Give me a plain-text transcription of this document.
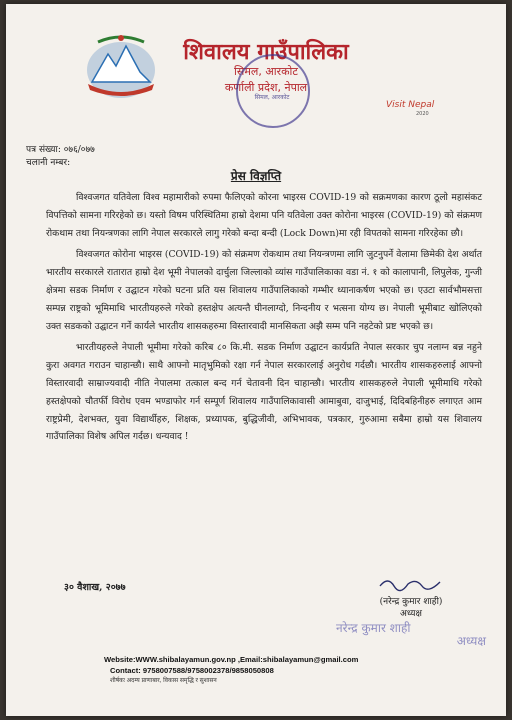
शिवालय गाउँपालिका
सिमल, आरकोट
कर्णाली प्रदेश, नेपाल
सिमल, आरकोट
Visit Nepal
2020
पत्र संख्या: ०७६/०७७
चलानी नम्बर:
प्रेस विज्ञप्ति

विश्वजगत यतिवेला विश्व महामारीको रुपमा फैलिएको कोरना भाइरस COVID-19 को सक्रमणका कारण ठूलो महासंकट विपत्तिको सामना गरिरहेको छ। यस्तो विषम परिस्थितिमा हाम्रो देशमा पनि यतिवेला उक्त कोरोना भाइरस (COVID-19) को संक्रमण रोकथाम तथा नियन्त्रणका लागि नेपाल सरकारले लागु गरेको बन्दा बन्दी (Lock Down)मा रही विपतको सामना गरिरहेका छौ।

विश्वजगत कोरोना भाइरस (COVID-19) को संक्रमण रोकथाम तथा नियन्त्रणमा लागि जुटनुपर्ने वेलामा छिमेकी देश अर्थात भारतीय सरकारले रातारात हाम्रो देश भूमी नेपालको दार्चुला जिल्लाको व्यांस गाउँपालिकाका वडा नं. १ को कालापानी, लिपुलेक, गुन्जी क्षेत्रमा सडक निर्माण र उद्घाटन गरेको घटना प्रति यस शिवालय गाउँपालिकाको गम्भीर ध्यानाकर्षण भएको छ। एउटा सार्वभौमसत्ता सम्पन्न राष्ट्रको भूमिमाथि भारतीयहरुले गरेको हस्तक्षेप अत्यन्तै घीनलाग्दो, निन्दनीय र भत्सना योग्य छ। नेपाली भूमीबाट खोलिएको उक्त सडकको उद्घाटन गर्ने कार्यले भारतीय शासकहरुमा विस्तारवादी मानसिकता अझै सम्म पनि नहटेको प्रष्ट भएको छ।

भारतीयहरुले नेपाली भूमीमा गरेको करिब ८० कि.मी. सडक निर्माण उद्घाटन कार्यप्रति नेपाल सरकार चुप नलाग्न बन्न नहुने कुरा अवगत गराउन चाहान्छौ। साथै आफ्नो मातृभुमिको रक्षा गर्न नेपाल सरकारलाई अनुरोध गर्दछौ। भारतीय शासकहरुलाई आफ्नो विस्तारवादी साम्राज्यवादी नीति नेपालमा तत्काल बन्द गर्न चेतावनी दिन चाहान्छौ। भारतीय शासकहरुले नेपाली भूमीमाथि गरेको हस्तक्षेपको चौतर्फी विरोध एवम भण्डाफोर गर्न सम्पूर्ण शिवालय गाउँपालिकावासी आमाबुवा, दाजुभाई, दिदिबहिनीहरु लगाएत आम राष्ट्रप्रेमी, देशभक्त, युवा विद्यार्थीहरु, शिक्षक, प्रध्यापक, बुद्धिजीवी, अभिभावक, पत्रकार, गुरुआमा सबैमा हाम्रो यस शिवालय गाउँपालिका विशेष अपिल गर्दछ। धन्यवाद !

३० वैशाख, २०७७
(नरेन्द्र कुमार शाही)
अध्यक्ष
नरेन्द्र कुमार शाही
अध्यक्ष
Website:WWW.shibalayamun.gov.np ,Email:shibalayamun@gmail.com
Contact: 9758007588/9758002378/9858050808
शीर्षकः अदम्य प्राणाबार, विकास समृद्धि र सुशासन
